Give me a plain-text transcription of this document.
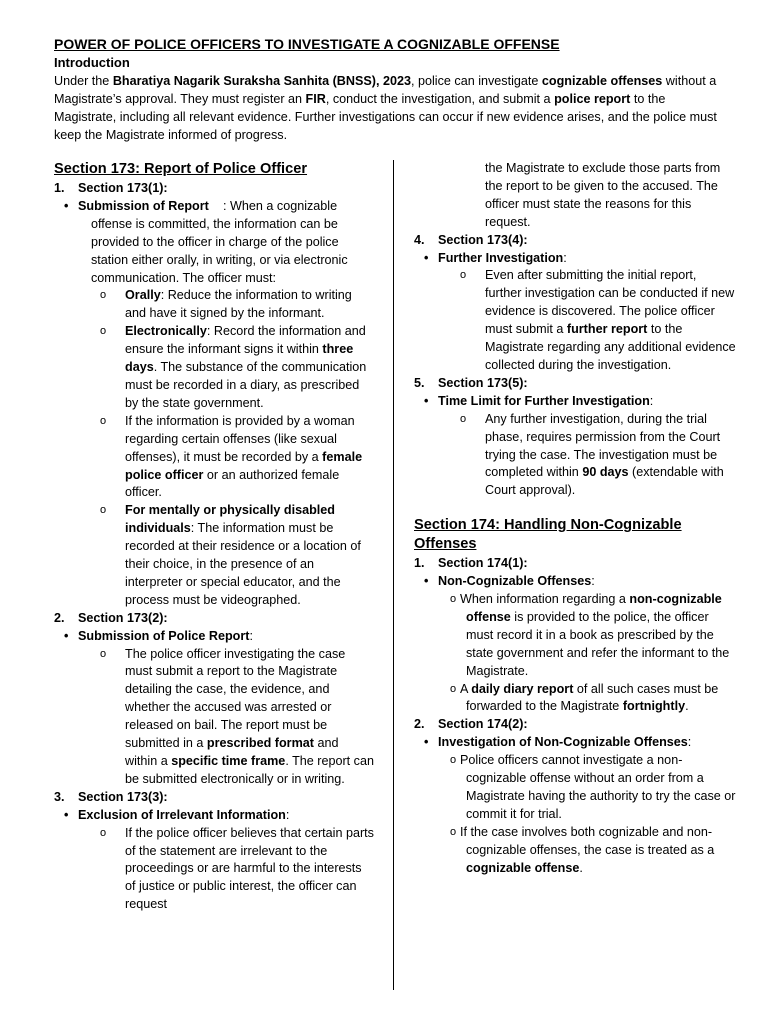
POWER OF POLICE OFFICERS TO INVESTIGATE A COGNIZABLE OFFENSE
Introduction

Under the Bharatiya Nagarik Suraksha Sanhita (BNSS), 2023, police can investigate cognizable offenses without a Magistrate’s approval. They must register an FIR, conduct the investigation, and submit a police report to the Magistrate, including all relevant evidence. Further investigations can occur if new evidence arises, and the police must keep the Magistrate informed of progress.

Section 173: Report of Police Officer
1.	Section 173(1):
• Submission of Report	: When a cognizable offense is committed, the information can be provided to the officer in charge of the police station either orally, in writing, or via electronic communication. The officer must:

o	Orally: Reduce the information to writing and have it signed by the informant.
o	Electronically: Record the information and ensure the informant signs it within three days. The substance of the communication must be recorded in a diary, as prescribed by the state government.
o	If the information is provided by a woman regarding certain offenses (like sexual offenses), it must be recorded by a female police officer or an authorized female officer.
o	For mentally or physically disabled individuals: The information must be recorded at their residence or a location of their choice, in the presence of an interpreter or special educator, and the process must be videographed.
2.	Section 173(2):
• Submission of Police Report:
o	The police officer investigating the case must submit a report to the Magistrate detailing the case, the evidence, and whether the accused was arrested or released on bail. The report must be submitted in a prescribed format and within a specific time frame. The report can be submitted electronically or in writing.
3.	Section 173(3):
• Exclusion of Irrelevant Information:
o	If the police officer believes that certain parts of the statement are irrelevant to the proceedings or are harmful to the interests of justice or public interest, the officer can request

the Magistrate to exclude those parts from the report to be given to the accused. The officer must state the reasons for this request.

4.	Section 173(4):
• Further Investigation:
o	Even after submitting the initial report, further investigation can be conducted if new evidence is discovered. The police officer must submit a further report to the Magistrate regarding any additional evidence collected during the investigation.
5.	Section 173(5):
• Time Limit for Further Investigation:
o	Any further investigation, during the trial phase, requires permission from the Court trying the case. The investigation must be completed within 90 days (extendable with Court approval).
Section 174: Handling Non-Cognizable Offenses
1.	Section 174(1):
• Non-Cognizable Offenses:
o When information regarding a non-cognizable offense is provided to the police, the officer must record it in a book as prescribed by the state government and refer the informant to the Magistrate.
o A daily diary report of all such cases must be forwarded to the Magistrate fortnightly.
2.	Section 174(2):
• Investigation of Non-Cognizable Offenses:
o Police officers cannot investigate a non-cognizable offense without an order from a Magistrate having the authority to try the case or commit it for trial.
o If the case involves both cognizable and non-cognizable offenses, the case is treated as a cognizable offense.
